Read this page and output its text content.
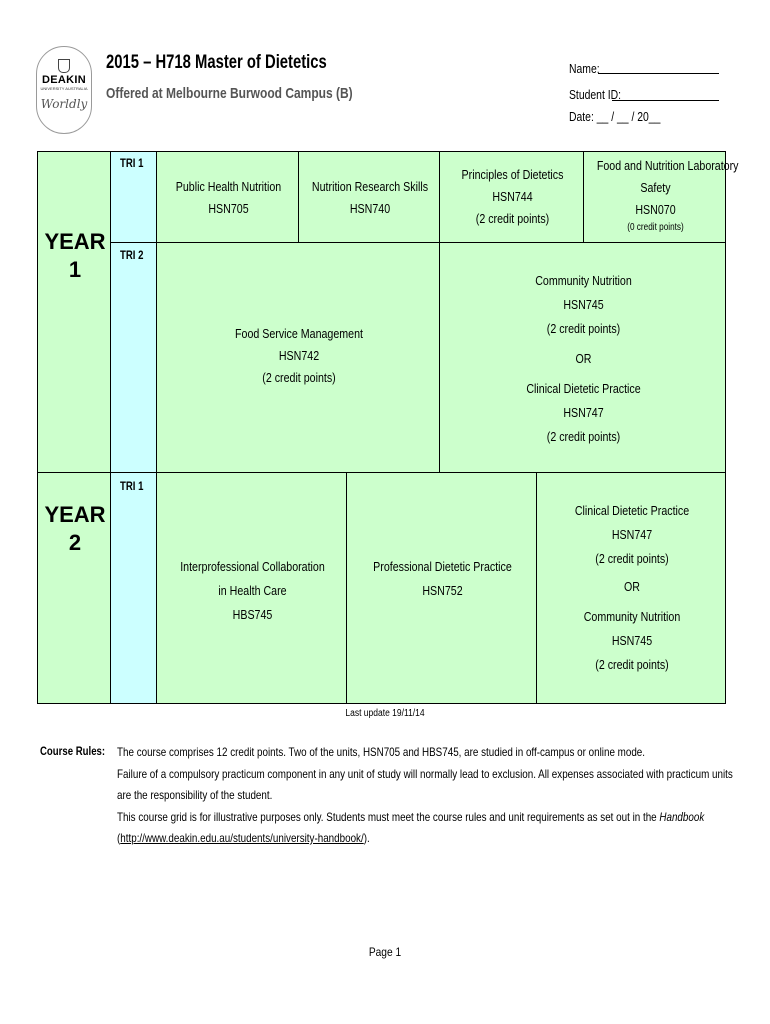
DEAKIN
UNIVERSITY AUSTRALIA
Worldly
2015 – H718 Master of Dietetics
Offered at Melbourne Burwood Campus (B)
Name:
Student ID:
Date: __ / __ / 20__
YEAR
1
TRI 1
TRI 2
Public Health Nutrition
HSN705
Nutrition Research Skills
HSN740
Principles of Dietetics
HSN744
(2 credit points)
Food and Nutrition Laboratory
Safety
HSN070
(0 credit points)
Food Service Management
HSN742
(2 credit points)
Community Nutrition
HSN745
(2 credit points)
OR
Clinical Dietetic Practice
HSN747
(2 credit points)
YEAR
2
TRI 1
Interprofessional Collaboration
in Health Care
HBS745
Professional Dietetic Practice
HSN752
Clinical Dietetic Practice
HSN747
(2 credit points)
OR
Community Nutrition
HSN745
(2 credit points)
Last update 19/11/14
Course Rules: The course comprises 12 credit points. Two of the units, HSN705 and HBS745, are studied in off-campus or online mode.

Failure of a compulsory practicum component in any unit of study will normally lead to exclusion. All expenses associated with practicum units are the responsibility of the student.

This course grid is for illustrative purposes only. Students must meet the course rules and unit requirements as set out in the Handbook

(http://www.deakin.edu.au/students/university-handbook/).

Page 1
